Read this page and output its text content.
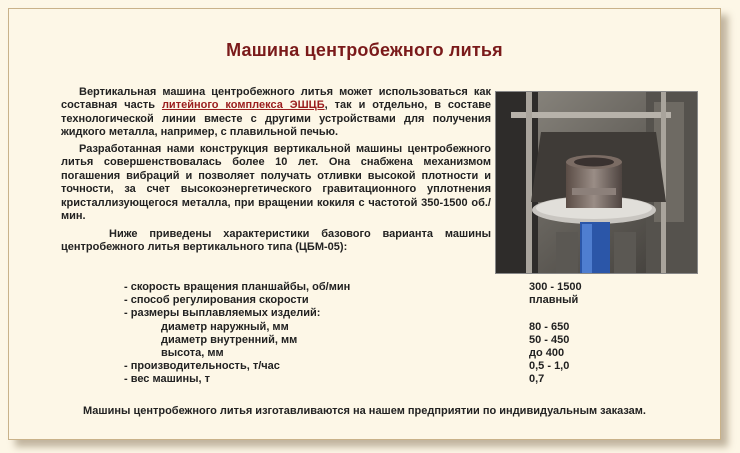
Машина центробежного литья

Вертикальная машина центробежного литья может использоваться как составная часть литейного комплекса ЭШЦБ, так и отдельно, в составе технологической линии вместе с другими устройствами для получения жидкого металла, например, с плавильной печью.

Разработанная нами конструкция вертикальной машины центробежного литья совершенствовалась более 10 лет. Она снабжена механизмом погашения вибраций и позволяет получать отливки высокой плотности и точности, за счет высокоэнергетического гравитационного уплотнения кристаллизующегося металла, при вращении кокиля с частотой 350-1500 об./мин.

Ниже приведены характеристики базового варианта машины центробежного литья вертикального типа (ЦБМ-05):

- скорость вращения планшайбы, об/мин	300 - 1500
- способ регулирования скорости	плавный
- размеры выплавляемых изделий:
диаметр наружный, мм	80 - 650
диаметр внутренний, мм	50 - 450
высота, мм	до 400
- производительность, т/час	0,5 - 1,0
- вес машины, т	0,7
Машины центробежного литья изготавливаются на нашем предприятии по индивидуальным заказам.
